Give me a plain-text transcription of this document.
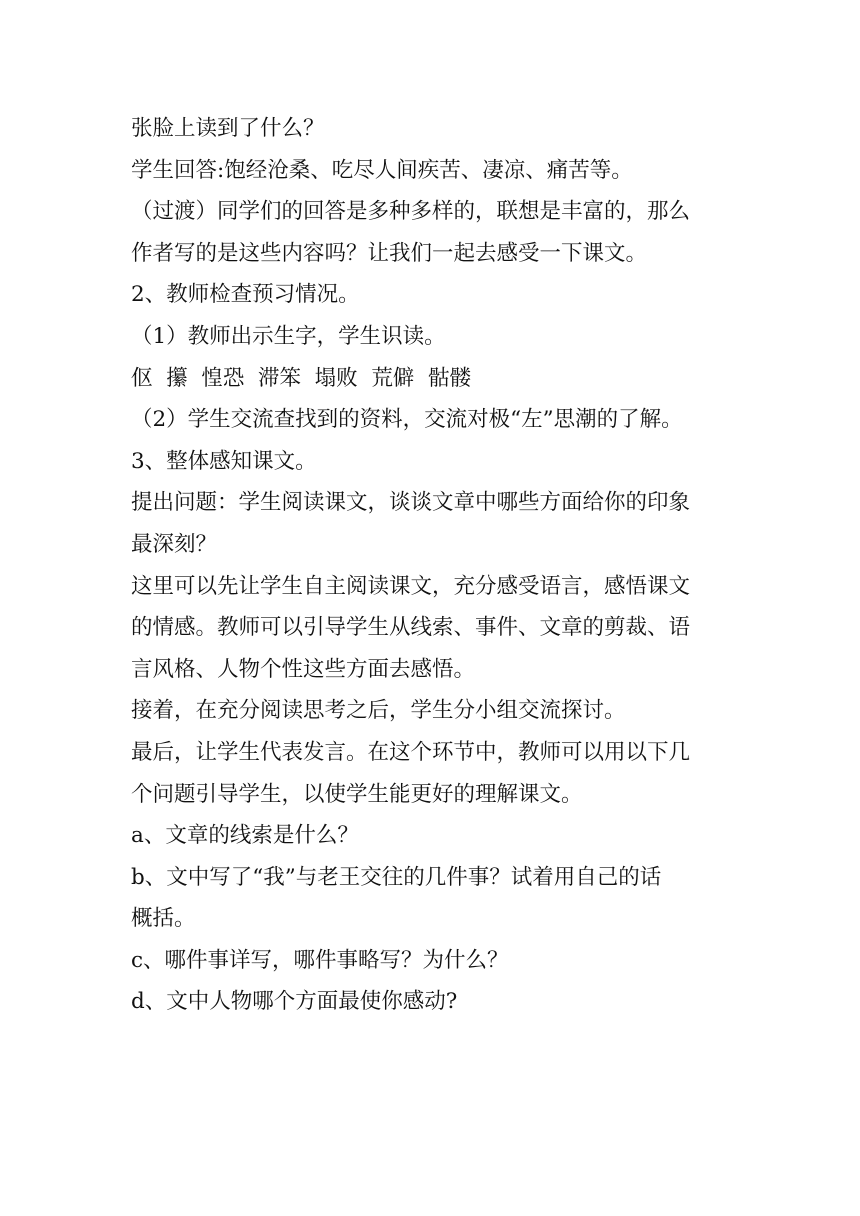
张脸上读到了什么？

学生回答:饱经沧桑、吃尽人间疾苦、凄凉、痛苦等。

（过渡）同学们的回答是多种多样的，联想是丰富的，那么

作者写的是这些内容吗？让我们一起去感受一下课文。

2、教师检查预习情况。

（1）教师出示生字，学生识读。

伛  攥  惶恐  滞笨  塌败  荒僻  骷髅

（2）学生交流查找到的资料，交流对极“左”思潮的了解。

3、整体感知课文。

提出问题：学生阅读课文，谈谈文章中哪些方面给你的印象

最深刻？

这里可以先让学生自主阅读课文，充分感受语言，感悟课文

的情感。教师可以引导学生从线索、事件、文章的剪裁、语

言风格、人物个性这些方面去感悟。

接着，在充分阅读思考之后，学生分小组交流探讨。

最后，让学生代表发言。在这个环节中，教师可以用以下几

个问题引导学生，以使学生能更好的理解课文。

a、文章的线索是什么？

b、文中写了“我”与老王交往的几件事？试着用自己的话

概括。

c、哪件事详写，哪件事略写？为什么？

d、文中人物哪个方面最使你感动?
